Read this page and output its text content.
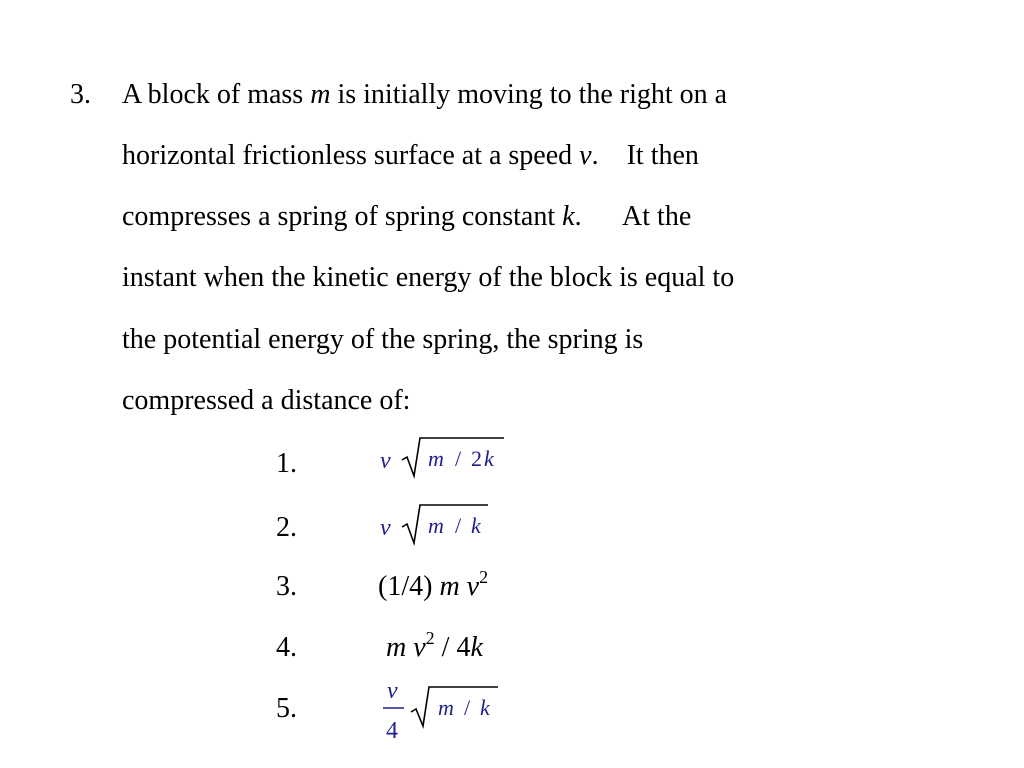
3. A block of mass m is initially moving to the right on a
horizontal frictionless surface at a speed v.    It then
compresses a spring of spring constant k.      At the
instant when the kinetic energy of the block is equal to
the potential energy of the spring, the spring is
compressed a distance of:
1.	v m / 2 k
2.	v m / k
3.	(1/4) m $v^2$
4.	m $v^2 / 4k$
5.
v
4
m / k
